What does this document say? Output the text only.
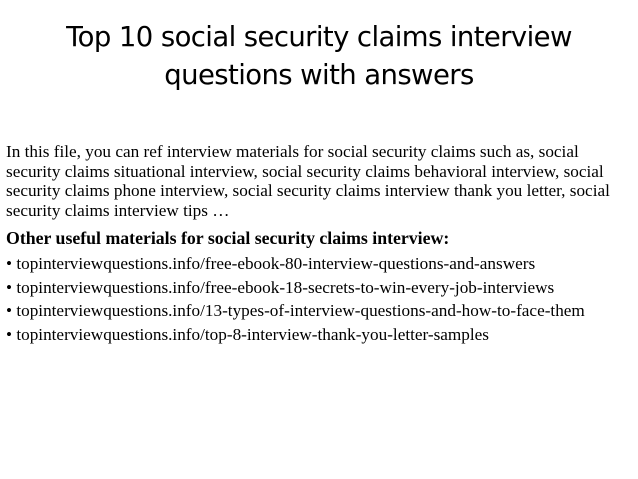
Top 10 social security claims interview questions with answers

In this file, you can ref interview materials for social security claims such as, social security claims situational interview, social security claims behavioral interview, social security claims phone interview, social security claims interview thank you letter, social security claims interview tips …

Other useful materials for social security claims interview:

• topinterviewquestions.info/free-ebook-80-interview-questions-and-answers
• topinterviewquestions.info/free-ebook-18-secrets-to-win-every-job-interviews
• topinterviewquestions.info/13-types-of-interview-questions-and-how-to-face-them
• topinterviewquestions.info/top-8-interview-thank-you-letter-samples
